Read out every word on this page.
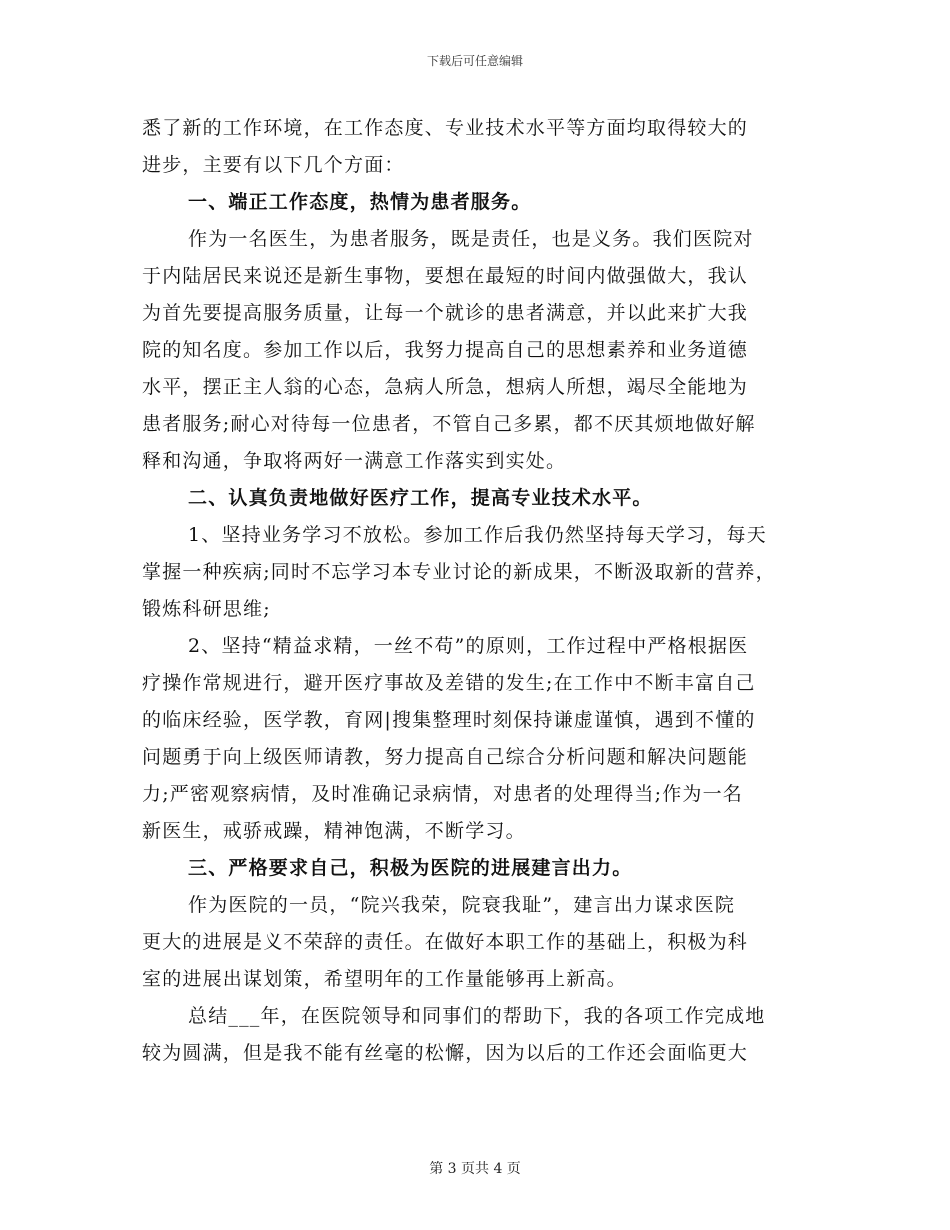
下载后可任意编辑

悉了新的工作环境，在工作态度、专业技术水平等方面均取得较大的

进步，主要有以下几个方面：

一、端正工作态度，热情为患者服务。

作为一名医生，为患者服务，既是责任，也是义务。我们医院对

于内陆居民来说还是新生事物，要想在最短的时间内做强做大，我认

为首先要提高服务质量，让每一个就诊的患者满意，并以此来扩大我

院的知名度。参加工作以后，我努力提高自己的思想素养和业务道德

水平，摆正主人翁的心态，急病人所急，想病人所想，竭尽全能地为

患者服务;耐心对待每一位患者，不管自己多累，都不厌其烦地做好解

释和沟通，争取将两好一满意工作落实到实处。

二、认真负责地做好医疗工作，提高专业技术水平。

1、坚持业务学习不放松。参加工作后我仍然坚持每天学习，每天

掌握一种疾病;同时不忘学习本专业讨论的新成果，不断汲取新的营养，

锻炼科研思维;

2、坚持“精益求精，一丝不苟”的原则，工作过程中严格根据医

疗操作常规进行，避开医疗事故及差错的发生;在工作中不断丰富自己

的临床经验，医学教，育网|搜集整理时刻保持谦虚谨慎，遇到不懂的

问题勇于向上级医师请教，努力提高自己综合分析问题和解决问题能

力;严密观察病情，及时准确记录病情，对患者的处理得当;作为一名

新医生，戒骄戒躁，精神饱满，不断学习。

三、严格要求自己，积极为医院的进展建言出力。

作为医院的一员，“院兴我荣，院衰我耻”，建言出力谋求医院

更大的进展是义不荣辞的责任。在做好本职工作的基础上，积极为科

室的进展出谋划策，希望明年的工作量能够再上新高。

总结___年，在医院领导和同事们的帮助下，我的各项工作完成地

较为圆满，但是我不能有丝毫的松懈，因为以后的工作还会面临更大

第 3 页共 4 页
